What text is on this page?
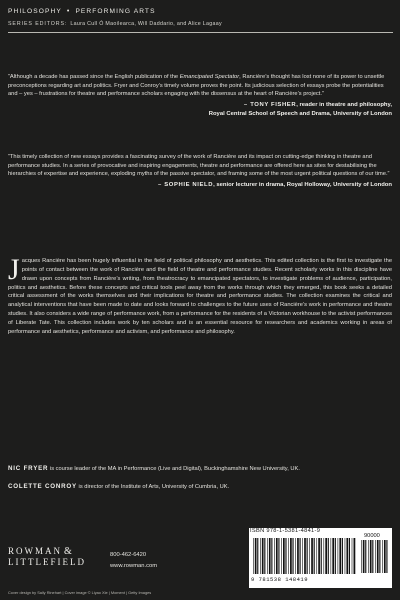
PHILOSOPHY • PERFORMING ARTS
SERIES EDITORS: Laura Cull Ó Maoilearca, Will Daddario, and Alice Lagaay

“Although a decade has passed since the English publication of the Emancipated Spectator, Rancière’s thought has lost none of its power to unsettle preconceptions regarding art and politics. Fryer and Conroy’s timely volume proves the point. Its judicious selection of essays probe the potentialities and – yes – frustrations for theatre and performance scholars engaging with the dissensus at the heart of Rancière’s project.”

– TONY FISHER, reader in theatre and philosophy,
Royal Central School of Speech and Drama, University of London

“This timely collection of new essays provides a fascinating survey of the work of Rancière and its impact on cutting-edge thinking in theatre and performance studies. In a series of provocative and inspiring engagements, theatre and performance are offered here as sites for destabilising the hierarchies of expertise and experience, exploding myths of the passive spectator, and framing some of the most urgent political questions of our time.”

– SOPHIE NIELD, senior lecturer in drama, Royal Holloway, University of London
Jacques Rancière has been hugely influential in the field of political philosophy and aesthetics. This edited collection is the first to investigate the points of contact between the work of Rancière and the field of theatre and performance studies. Recent scholarly works in this discipline have drawn upon concepts from Rancière’s writing, from theatrocracy to emancipated spectators, to investigate problems of audience, participation, politics and aesthetics. Before these concepts and critical tools peel away from the works through which they emerged, this book seeks a detailed critical assessment of the works themselves and their implications for theatre and performance studies. The collection examines the critical and analytical interventions that have been made to date and looks forward to challenges to the future uses of Rancière’s work in performance and theatre studies. It also considers a wide range of performance work, from a performance for the residents of a Victorian workhouse to the activist performances of Liberate Tate. This collection includes work by ten scholars and is an essential resource for researchers and academics working in areas of performance and aesthetics, performance and activism, and performance and philosophy.
NIC FRYER is course leader of the MA in Performance (Live and Digital), Buckinghamshire New University, UK.
COLETTE CONROY is director of the Institute of Arts, University of Cumbria, UK.
ROWMAN &
LITTLEFIELD
800-462-6420
www.rowman.com
ISBN 978-1-5381-4841-9
90000
9 781538 148419
Cover design by Sally Rinehart | Cover image © Liyao Xie | Moment | Getty Images
